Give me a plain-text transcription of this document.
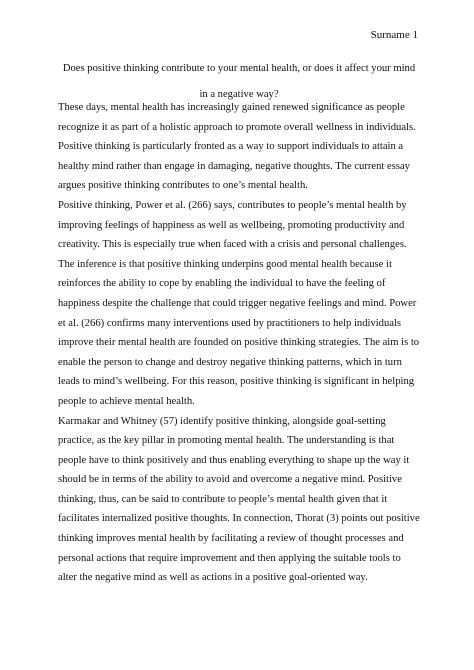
Surname 1
Does positive thinking contribute to your mental health, or does it affect your mind in a negative way?

These days, mental health has increasingly gained renewed significance as people recognize it as part of a holistic approach to promote overall wellness in individuals. Positive thinking is particularly fronted as a way to support individuals to attain a healthy mind rather than engage in damaging, negative thoughts. The current essay argues positive thinking contributes to one’s mental health.

Positive thinking, Power et al. (266) says, contributes to people’s mental health by improving feelings of happiness as well as wellbeing, promoting productivity and creativity. This is especially true when faced with a crisis and personal challenges. The inference is that positive thinking underpins good mental health because it reinforces the ability to cope by enabling the individual to have the feeling of happiness despite the challenge that could trigger negative feelings and mind. Power et al. (266) confirms many interventions used by practitioners to help individuals improve their mental health are founded on positive thinking strategies. The aim is to enable the person to change and destroy negative thinking patterns, which in turn leads to mind’s wellbeing. For this reason, positive thinking is significant in helping people to achieve mental health.

Karmakar and Whitney (57) identify positive thinking, alongside goal-setting practice, as the key pillar in promoting mental health. The understanding is that people have to think positively and thus enabling everything to shape up the way it should be in terms of the ability to avoid and overcome a negative mind. Positive thinking, thus, can be said to contribute to people’s mental health given that it facilitates internalized positive thoughts. In connection, Thorat (3) points out positive thinking improves mental health by facilitating a review of thought processes and personal actions that require improvement and then applying the suitable tools to alter the negative mind as well as actions in a positive goal-oriented way.
